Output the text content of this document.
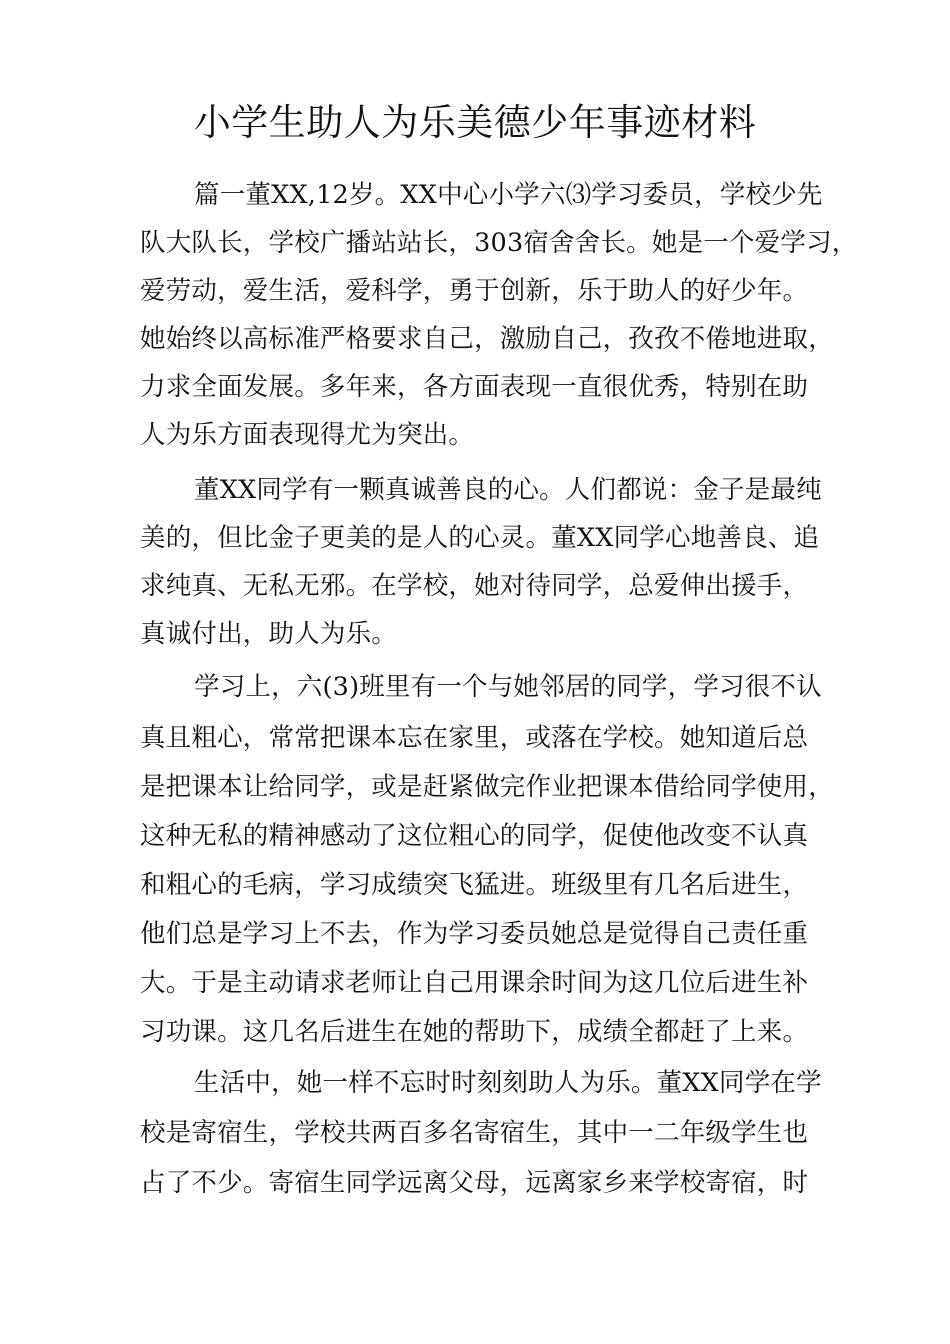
小学生助人为乐美德少年事迹材料
篇一董XX,12岁。XX中心小学六⑶学习委员，学校少先
队大队长，学校广播站站长，303宿舍舍长。她是一个爱学习，
爱劳动，爱生活，爱科学，勇于创新，乐于助人的好少年。
她始终以高标准严格要求自己，激励自己，孜孜不倦地进取，
力求全面发展。多年来，各方面表现一直很优秀，特别在助
人为乐方面表现得尤为突出。
董XX同学有一颗真诚善良的心。人们都说：金子是最纯
美的，但比金子更美的是人的心灵。董XX同学心地善良、追
求纯真、无私无邪。在学校，她对待同学，总爱伸出援手，
真诚付出，助人为乐。
学习上，六(3)班里有一个与她邻居的同学，学习很不认
真且粗心，常常把课本忘在家里，或落在学校。她知道后总
是把课本让给同学，或是赶紧做完作业把课本借给同学使用，
这种无私的精神感动了这位粗心的同学，促使他改变不认真
和粗心的毛病，学习成绩突飞猛进。班级里有几名后进生，
他们总是学习上不去，作为学习委员她总是觉得自己责任重
大。于是主动请求老师让自己用课余时间为这几位后进生补
习功课。这几名后进生在她的帮助下，成绩全都赶了上来。
生活中，她一样不忘时时刻刻助人为乐。董XX同学在学
校是寄宿生，学校共两百多名寄宿生，其中一二年级学生也
占了不少。寄宿生同学远离父母，远离家乡来学校寄宿，时
